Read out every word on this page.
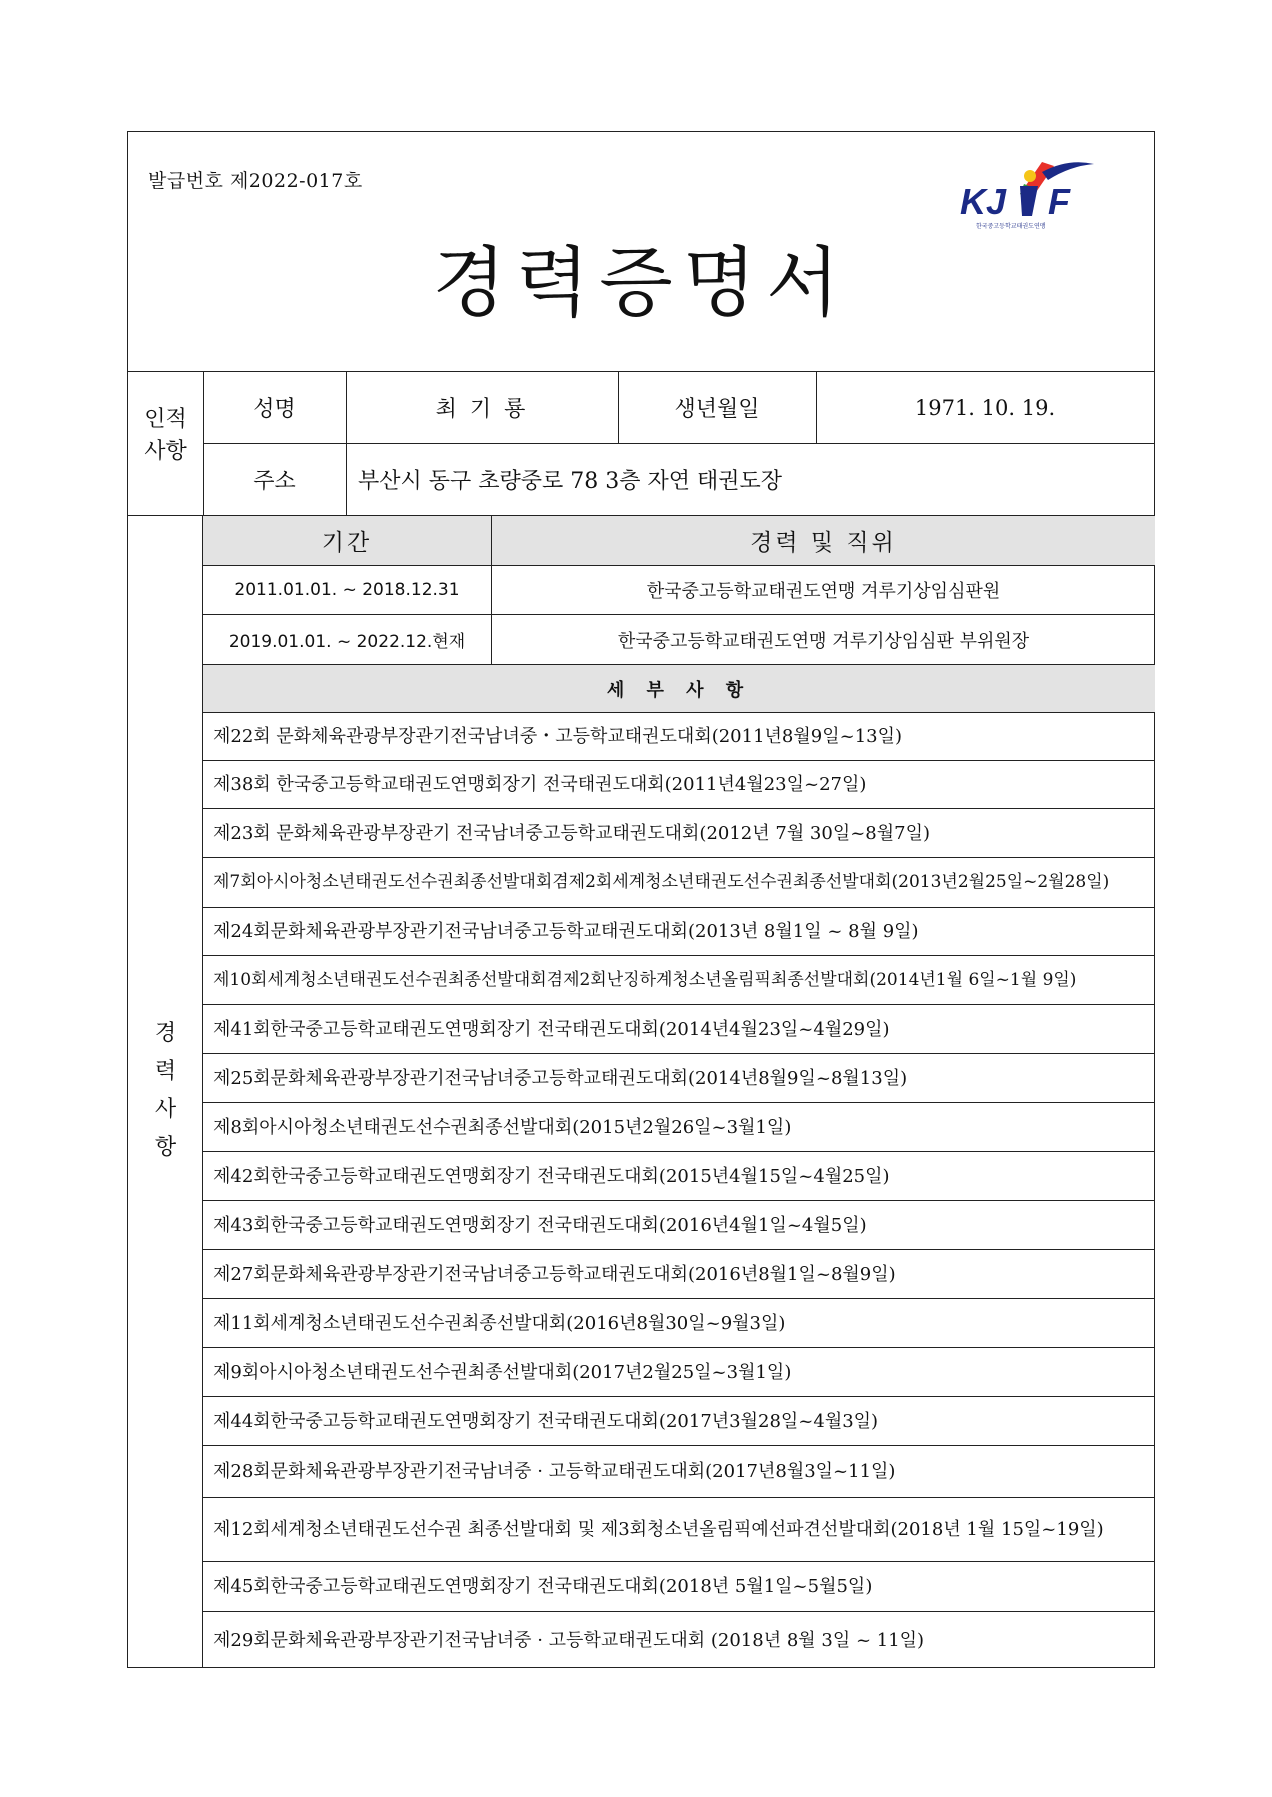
발급번호 제2022-017호	KJ F
한국중고등학교태권도연맹
경력증명서
인적
사항
성명	최 기 룡	생년월일	1971. 10. 19.
주소	부산시 동구 초량중로 78 3층 자연 태권도장
경
력
사
항
기간	경력 및 직위
2011.01.01. ~ 2018.12.31	한국중고등학교태권도연맹 겨루기상임심판원
2019.01.01. ~ 2022.12.현재	한국중고등학교태권도연맹 겨루기상임심판 부위원장
세 부 사 항
제22회 문화체육관광부장관기전국남녀중・고등학교태권도대회(2011년8월9일~13일)
제38회 한국중고등학교태권도연맹회장기 전국태권도대회(2011년4월23일~27일)
제23회 문화체육관광부장관기 전국남녀중고등학교태권도대회(2012년 7월 30일~8월7일)
제7회아시아청소년태권도선수권최종선발대회겸제2회세계청소년태권도선수권최종선발대회(2013년2월25일~2월28일)
제24회문화체육관광부장관기전국남녀중고등학교태권도대회(2013년 8월1일 ~ 8월 9일)
제10회세계청소년태권도선수권최종선발대회겸제2회난징하계청소년올림픽최종선발대회(2014년1월 6일~1월 9일)
제41회한국중고등학교태권도연맹회장기 전국태권도대회(2014년4월23일~4월29일)
제25회문화체육관광부장관기전국남녀중고등학교태권도대회(2014년8월9일~8월13일)
제8회아시아청소년태권도선수권최종선발대회(2015년2월26일~3월1일)
제42회한국중고등학교태권도연맹회장기 전국태권도대회(2015년4월15일~4월25일)
제43회한국중고등학교태권도연맹회장기 전국태권도대회(2016년4월1일~4월5일)
제27회문화체육관광부장관기전국남녀중고등학교태권도대회(2016년8월1일~8월9일)
제11회세계청소년태권도선수권최종선발대회(2016년8월30일~9월3일)
제9회아시아청소년태권도선수권최종선발대회(2017년2월25일~3월1일)
제44회한국중고등학교태권도연맹회장기 전국태권도대회(2017년3월28일~4월3일)
제28회문화체육관광부장관기전국남녀중 · 고등학교태권도대회(2017년8월3일~11일)
제12회세계청소년태권도선수권 최종선발대회 및 제3회청소년올림픽예선파견선발대회(2018년 1월 15일~19일)
제45회한국중고등학교태권도연맹회장기 전국태권도대회(2018년 5월1일~5월5일)
제29회문화체육관광부장관기전국남녀중 · 고등학교태권도대회 (2018년 8월 3일 ~ 11일)
